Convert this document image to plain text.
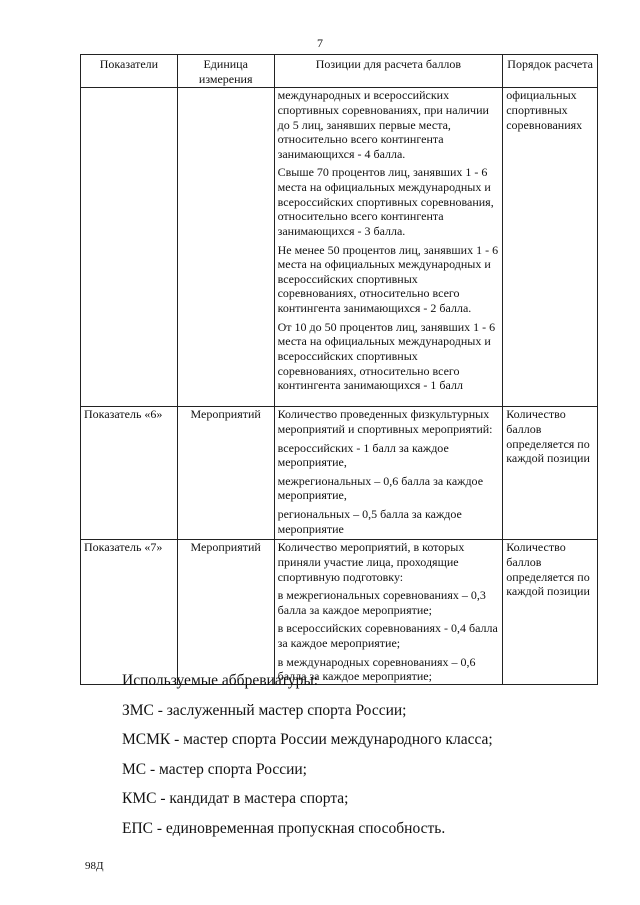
7
Показатели	Единица измерения	Позиции для расчета баллов	Порядок расчета

		международных и всероссийских спортивных соревнованиях, при наличии до 5 лиц, занявших первые места, относительно всего контингента занимающихся - 4 балла.
Свыше 70 процентов лиц, занявших 1 - 6 места на официальных международных и всероссийских спортивных соревнования, относительно всего контингента занимающихся - 3 балла.
Не менее 50 процентов лиц, занявших 1 - 6 места на официальных международных и всероссийских спортивных соревнованиях, относительно всего контингента занимающихся - 2 балла.
От 10 до 50 процентов лиц, занявших 1 - 6 места на официальных международных и всероссийских спортивных соревнованиях, относительно всего контингента занимающихся - 1 балл	официальных спортивных соревнованиях
Показатель «6»	Мероприятий	Количество проведенных физкультурных мероприятий и спортивных мероприятий:
всероссийских - 1 балл за каждое мероприятие,
межрегиональных – 0,6 балла за каждое мероприятие,
региональных – 0,5 балла за каждое мероприятие	Количество баллов определяется по каждой позиции
Показатель «7»	Мероприятий	Количество мероприятий, в которых приняли участие лица, проходящие спортивную подготовку:
в межрегиональных соревнованиях – 0,3 балла за каждое мероприятие;
в всероссийских соревнованиях - 0,4 балла за каждое мероприятие;
в международных соревнованиях – 0,6 балла за каждое мероприятие;	Количество баллов определяется по каждой позиции

Используемые аббревиатуры:

ЗМС - заслуженный мастер спорта России;

МСМК - мастер спорта России международного класса;

МС - мастер спорта России;

КМС - кандидат в мастера спорта;

ЕПС - единовременная пропускная способность.

98Д
